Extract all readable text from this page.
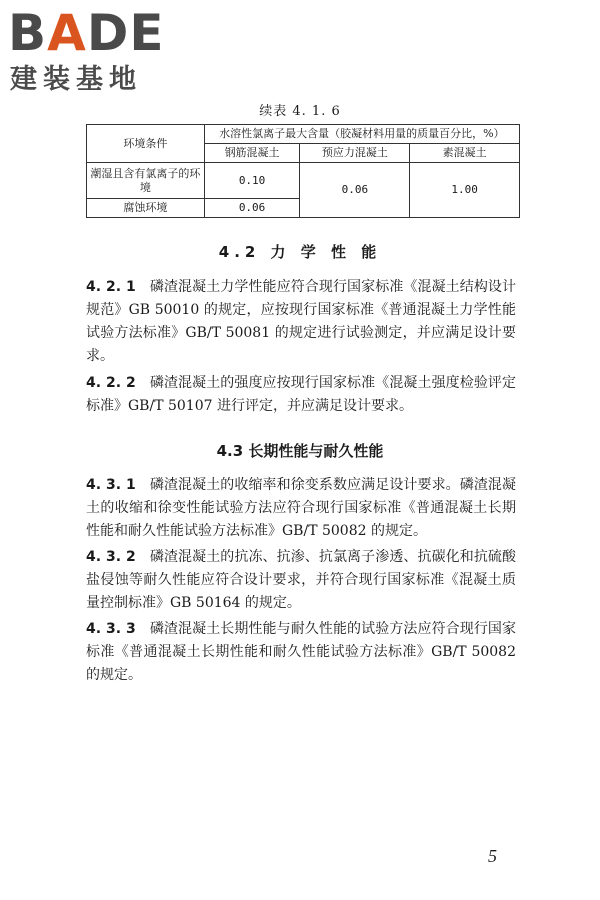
BADE
建装基地
续表 4. 1. 6
环境条件	水溶性氯离子最大含量（胶凝材料用量的质量百分比，%）		
	钢筋混凝土	预应力混凝土	素混凝土
潮湿且含有氯离子的环境	0.10	0.06	1.00
腐蚀环境	0.06		
4.2 力 学 性 能
4. 2. 1 磷渣混凝土力学性能应符合现行国家标准《混凝土结构设计规范》GB 50010 的规定，应按现行国家标准《普通混凝土力学性能试验方法标准》GB/T 50081 的规定进行试验测定，并应满足设计要求。
4. 2. 2 磷渣混凝土的强度应按现行国家标准《混凝土强度检验评定标准》GB/T 50107 进行评定，并应满足设计要求。
4.3 长期性能与耐久性能
4. 3. 1 磷渣混凝土的收缩率和徐变系数应满足设计要求。磷渣混凝土的收缩和徐变性能试验方法应符合现行国家标准《普通混凝土长期性能和耐久性能试验方法标准》GB/T 50082 的规定。
4. 3. 2 磷渣混凝土的抗冻、抗渗、抗氯离子渗透、抗碳化和抗硫酸盐侵蚀等耐久性能应符合设计要求，并符合现行国家标准《混凝土质量控制标准》GB 50164 的规定。
4. 3. 3 磷渣混凝土长期性能与耐久性能的试验方法应符合现行国家标准《普通混凝土长期性能和耐久性能试验方法标准》GB/T 50082的规定。
5
